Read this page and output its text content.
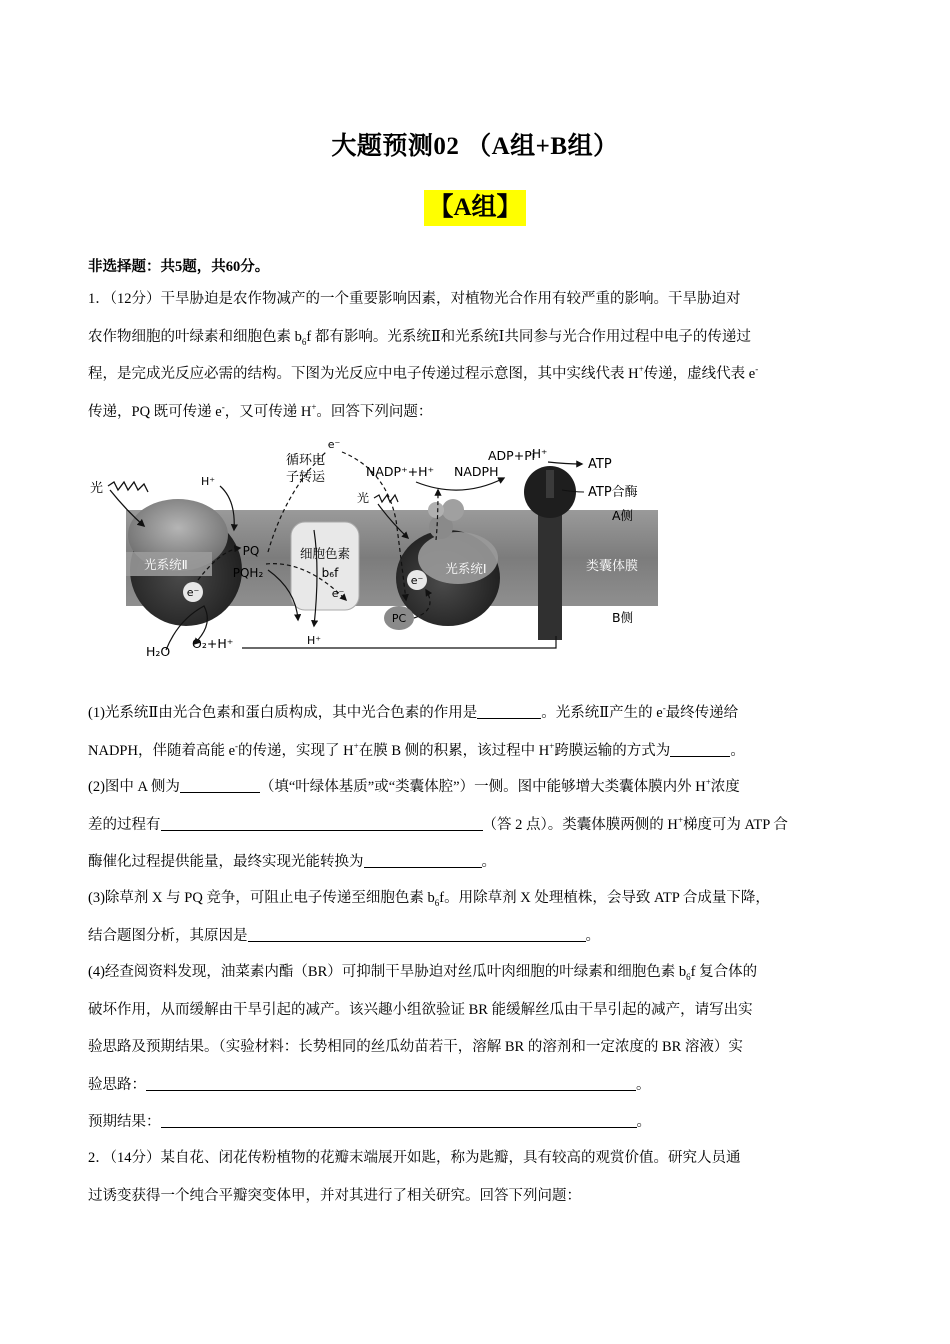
大题预测02 （A组+B组）
【A组】
非选择题：共5题，共60分。
1．（12分）干旱胁迫是农作物减产的一个重要影响因素，对植物光合作用有较严重的影响。干旱胁迫对
农作物细胞的叶绿素和细胞色素 $b_6f$ 都有影响。光系统Ⅱ和光系统Ⅰ共同参与光合作用过程中电子的传递过
程，是完成光反应必需的结构。下图为光反应中电子传递过程示意图，其中实线代表 H+传递，虚线代表 e-
传递，PQ 既可传递 e-，又可传递 H+。回答下列问题：
光系统Ⅱ
细胞色素
b₆f	光系统Ⅰ
PC
e⁻
e⁻
e⁻
光
光
PQ
PQH₂
H⁺
e⁻
循环电
子转运	NADP⁺+H⁺ NADPH
ADP+Pi
H⁺
ATP
ATP合酶
A侧
类囊体膜
B侧
H₂O
O₂+H⁺	H⁺
(1)光系统Ⅱ由光合色素和蛋白质构成，其中光合色素的作用是	。光系统Ⅱ产生的 e-最终传递给
NADPH，伴随着高能 e-的传递，实现了 H+在膜 B 侧的积累，该过程中 H+跨膜运输的方式为	。
(2)图中 A 侧为	（填“叶绿体基质”或“类囊体腔”）一侧。图中能够增大类囊体膜内外 H+浓度
差的过程有	（答 2 点）。类囊体膜两侧的 H+梯度可为 ATP 合
酶催化过程提供能量，最终实现光能转换为	。
(3)除草剂 X 与 PQ 竞争，可阻止电子传递至细胞色素 $b_6f$。用除草剂 X 处理植株，会导致 ATP 合成量下降，
结合题图分析，其原因是	。
(4)经查阅资料发现，油菜素内酯（BR）可抑制干旱胁迫对丝瓜叶肉细胞的叶绿素和细胞色素 $b_6f$ 复合体的
破坏作用，从而缓解由干旱引起的减产。该兴趣小组欲验证 BR 能缓解丝瓜由干旱引起的减产，请写出实
验思路及预期结果。（实验材料：长势相同的丝瓜幼苗若干，溶解 BR 的溶剂和一定浓度的 BR 溶液）实
验思路：	。
预期结果：	。
2．（14分）某自花、闭花传粉植物的花瓣末端展开如匙，称为匙瓣，具有较高的观赏价值。研究人员通
过诱变获得一个纯合平瓣突变体甲，并对其进行了相关研究。回答下列问题：
